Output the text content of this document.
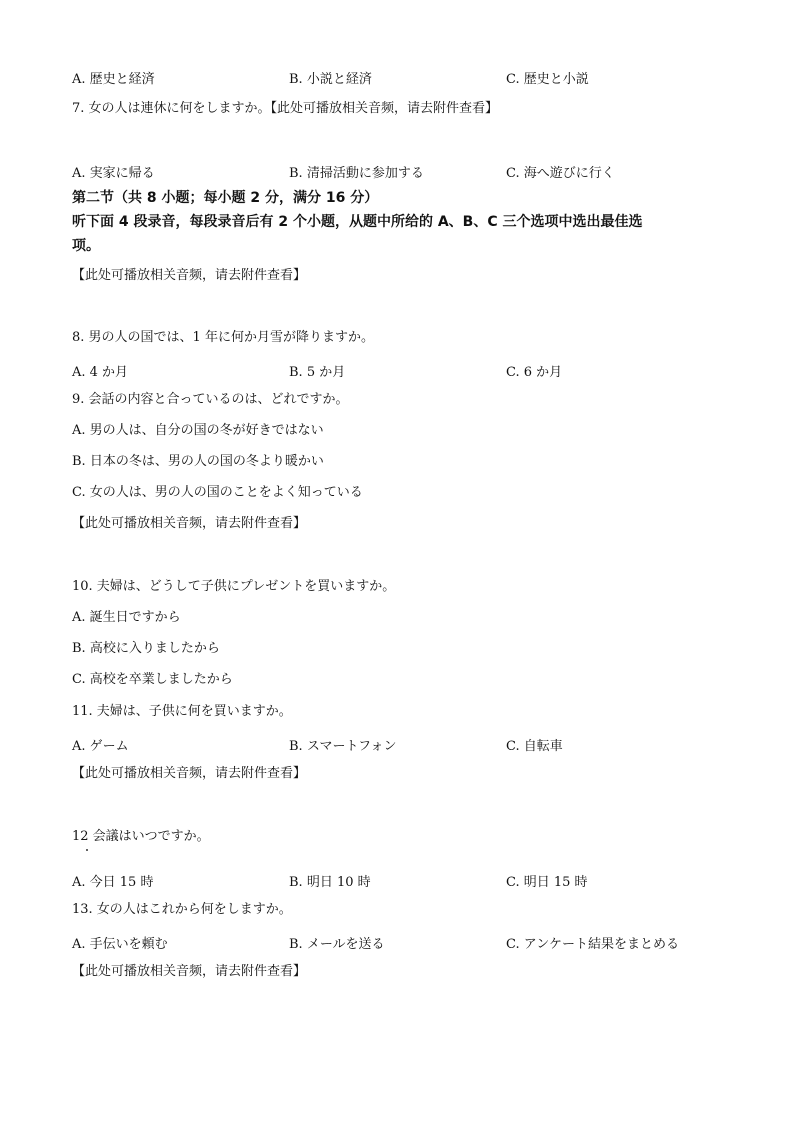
A. 歴史と経済	B. 小説と経済	C. 歴史と小説
7. 女の人は連休に何をしますか。【此处可播放相关音频，请去附件查看】
A. 実家に帰る	B. 清掃活動に参加する	C. 海へ遊びに行く
第二节（共 8 小题；每小题 2 分，满分 16 分）
听下面 4 段录音，每段录音后有 2 个小题，从题中所给的 A、B、C 三个选项中选出最佳选
项。
【此处可播放相关音频，请去附件查看】
8. 男の人の国では、1 年に何か月雪が降りますか。
A. 4 か月	B. 5 か月	C. 6 か月
9. 会話の内容と合っているのは、どれですか。
A. 男の人は、自分の国の冬が好きではない
B. 日本の冬は、男の人の国の冬より暖かい
C. 女の人は、男の人の国のことをよく知っている
【此处可播放相关音频，请去附件查看】
10. 夫婦は、どうして子供にプレゼントを買いますか。
A. 誕生日ですから
B. 高校に入りましたから
C. 高校を卒業しましたから
11. 夫婦は、子供に何を買いますか。
A. ゲーム	B. スマートフォン	C. 自転車
【此处可播放相关音频，请去附件查看】
12 会議はいつですか。
A. 今日 15 時	B. 明日 10 時	C. 明日 15 時
13. 女の人はこれから何をしますか。
A. 手伝いを頼む	B. メールを送る	C. アンケート結果をまとめる
【此处可播放相关音频，请去附件查看】
